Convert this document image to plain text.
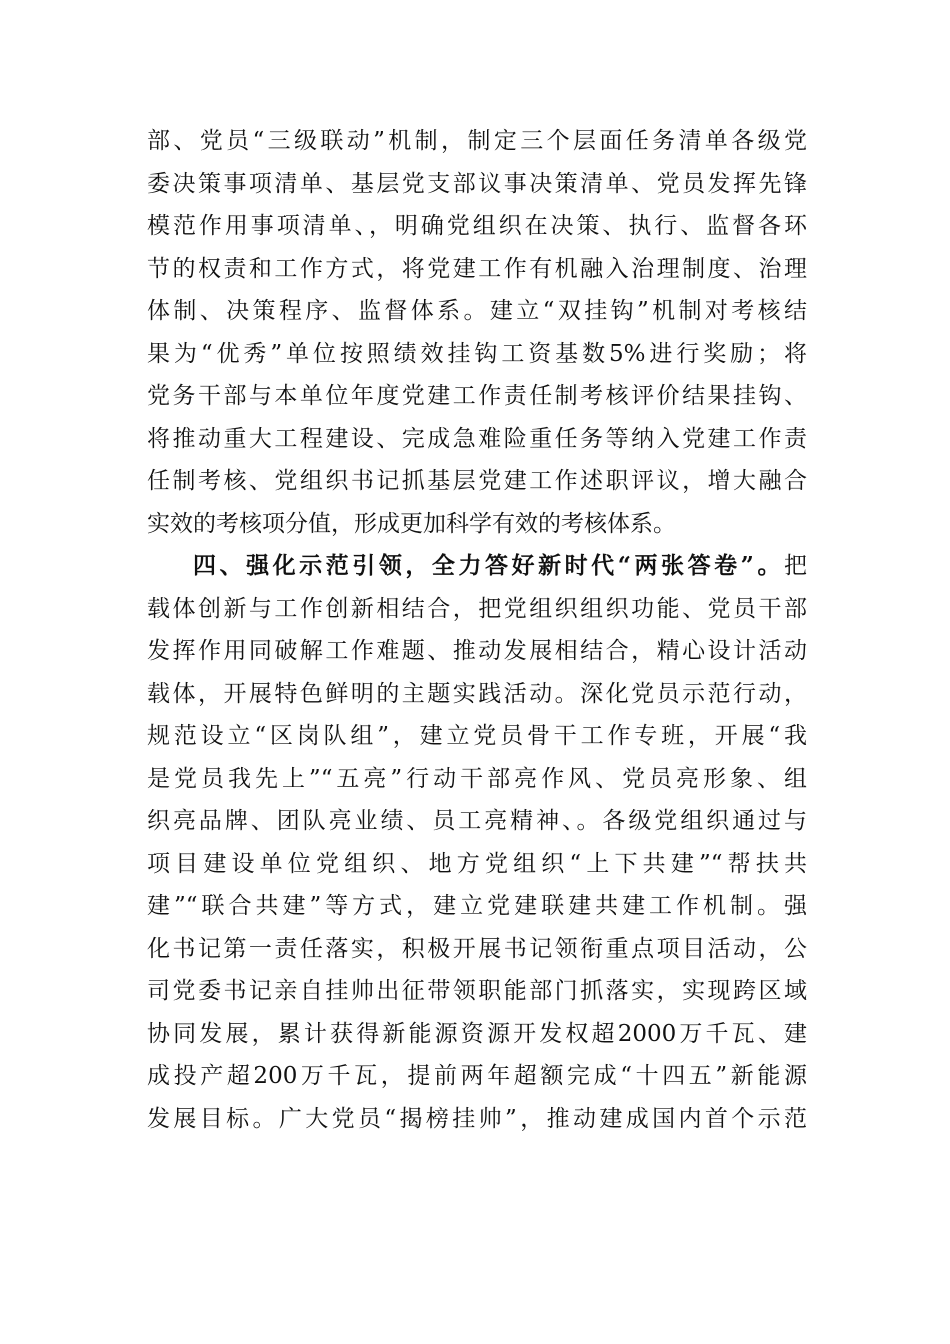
部、党员“三级联动”机制，制定三个层面任务清单各级党
委决策事项清单、基层党支部议事决策清单、党员发挥先锋
模范作用事项清单、，明确党组织在决策、执行、监督各环
节的权责和工作方式，将党建工作有机融入治理制度、治理
体制、决策程序、监督体系。建立“双挂钩”机制对考核结
果为“优秀”单位按照绩效挂钩工资基数5%进行奖励；将
党务干部与本单位年度党建工作责任制考核评价结果挂钩、
将推动重大工程建设、完成急难险重任务等纳入党建工作责
任制考核、党组织书记抓基层党建工作述职评议，增大融合
实效的考核项分值，形成更加科学有效的考核体系。
四、强化示范引领，全力答好新时代“两张答卷”。把
载体创新与工作创新相结合，把党组织组织功能、党员干部
发挥作用同破解工作难题、推动发展相结合，精心设计活动
载体，开展特色鲜明的主题实践活动。深化党员示范行动，
规范设立“区岗队组”，建立党员骨干工作专班，开展“我
是党员我先上”“五亮”行动干部亮作风、党员亮形象、组
织亮品牌、团队亮业绩、员工亮精神、。各级党组织通过与
项目建设单位党组织、地方党组织“上下共建”“帮扶共
建”“联合共建”等方式，建立党建联建共建工作机制。强
化书记第一责任落实，积极开展书记领衔重点项目活动，公
司党委书记亲自挂帅出征带领职能部门抓落实，实现跨区域
协同发展，累计获得新能源资源开发权超2000万千瓦、建
成投产超200万千瓦，提前两年超额完成“十四五”新能源
发展目标。广大党员“揭榜挂帅”，推动建成国内首个示范
